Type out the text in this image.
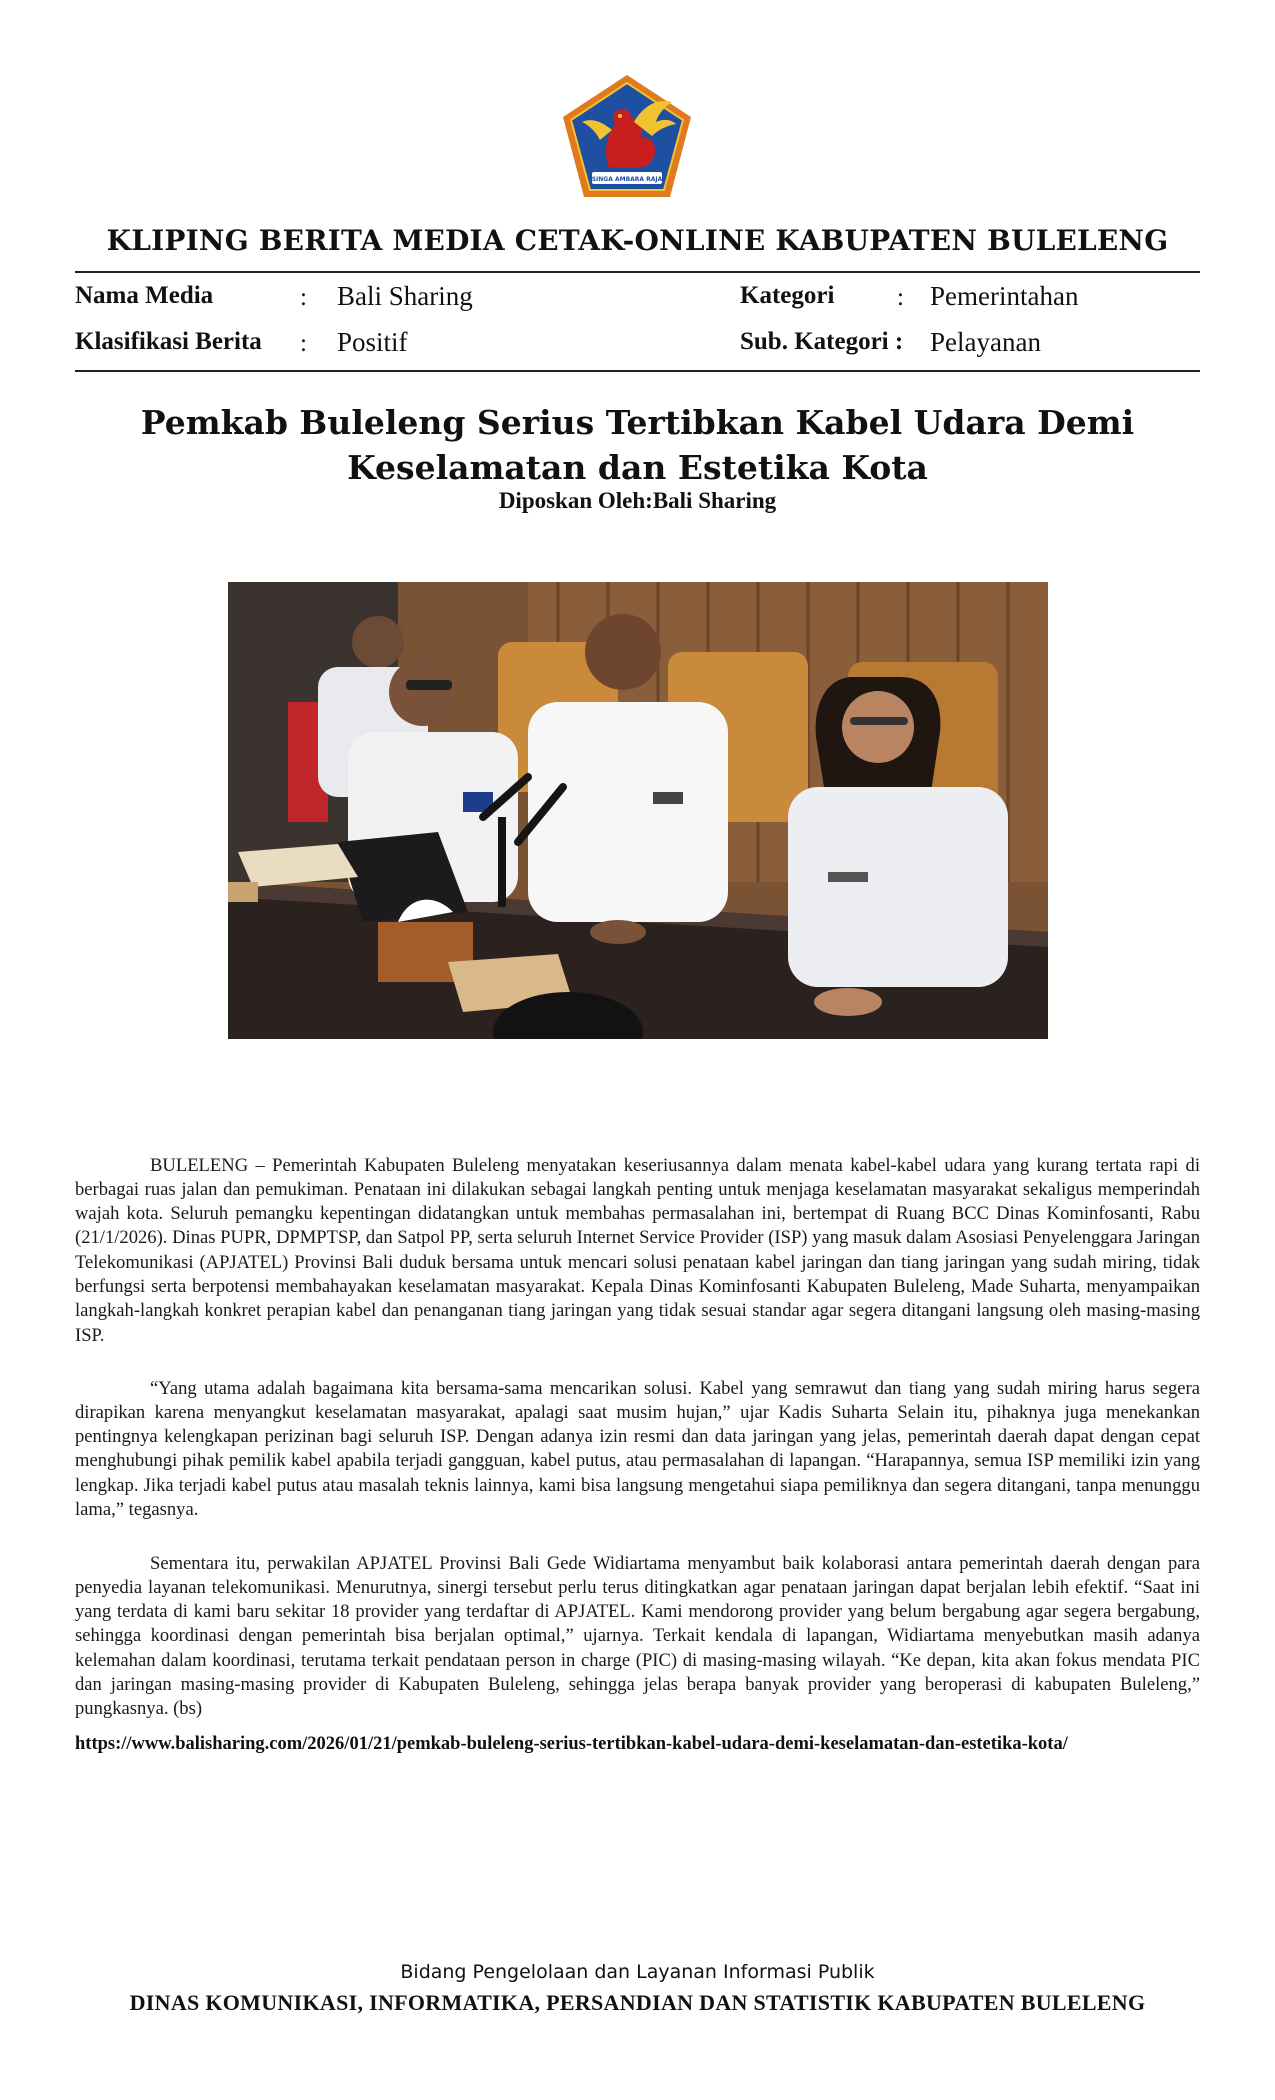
SINGA AMBARA RAJA
KLIPING BERITA MEDIA CETAK-ONLINE KABUPATEN BULELENG
Nama Media	: Bali Sharing	Kategori	: Pemerintahan
Klasifikasi Berita : Positif	Sub. Kategori : Pelayanan
Pemkab Buleleng Serius Tertibkan Kabel Udara Demi Keselamatan dan Estetika Kota
Diposkan Oleh:Bali Sharing

BULELENG – Pemerintah Kabupaten Buleleng menyatakan keseriusannya dalam menata kabel-kabel udara yang kurang tertata rapi di berbagai ruas jalan dan pemukiman. Penataan ini dilakukan sebagai langkah penting untuk menjaga keselamatan masyarakat sekaligus memperindah wajah kota. Seluruh pemangku kepentingan didatangkan untuk membahas permasalahan ini, bertempat di Ruang BCC Dinas Kominfosanti, Rabu (21/1/2026). Dinas PUPR, DPMPTSP, dan Satpol PP, serta seluruh Internet Service Provider (ISP) yang masuk dalam Asosiasi Penyelenggara Jaringan Telekomunikasi (APJATEL) Provinsi Bali duduk bersama untuk mencari solusi penataan kabel jaringan dan tiang jaringan yang sudah miring, tidak berfungsi serta berpotensi membahayakan keselamatan masyarakat. Kepala Dinas Kominfosanti Kabupaten Buleleng, Made Suharta, menyampaikan langkah-langkah konkret perapian kabel dan penanganan tiang jaringan yang tidak sesuai standar agar segera ditangani langsung oleh masing-masing ISP.

“Yang utama adalah bagaimana kita bersama-sama mencarikan solusi. Kabel yang semrawut dan tiang yang sudah miring harus segera dirapikan karena menyangkut keselamatan masyarakat, apalagi saat musim hujan,” ujar Kadis Suharta Selain itu, pihaknya juga menekankan pentingnya kelengkapan perizinan bagi seluruh ISP. Dengan adanya izin resmi dan data jaringan yang jelas, pemerintah daerah dapat dengan cepat menghubungi pihak pemilik kabel apabila terjadi gangguan, kabel putus, atau permasalahan di lapangan. “Harapannya, semua ISP memiliki izin yang lengkap. Jika terjadi kabel putus atau masalah teknis lainnya, kami bisa langsung mengetahui siapa pemiliknya dan segera ditangani, tanpa menunggu lama,” tegasnya.

Sementara itu, perwakilan APJATEL Provinsi Bali Gede Widiartama menyambut baik kolaborasi antara pemerintah daerah dengan para penyedia layanan telekomunikasi. Menurutnya, sinergi tersebut perlu terus ditingkatkan agar penataan jaringan dapat berjalan lebih efektif. “Saat ini yang terdata di kami baru sekitar 18 provider yang terdaftar di APJATEL. Kami mendorong provider yang belum bergabung agar segera bergabung, sehingga koordinasi dengan pemerintah bisa berjalan optimal,” ujarnya. Terkait kendala di lapangan, Widiartama menyebutkan masih adanya kelemahan dalam koordinasi, terutama terkait pendataan person in charge (PIC) di masing-masing wilayah. “Ke depan, kita akan fokus mendata PIC dan jaringan masing-masing provider di Kabupaten Buleleng, sehingga jelas berapa banyak provider yang beroperasi di kabupaten Buleleng,” pungkasnya. (bs)

https://www.balisharing.com/2026/01/21/pemkab-buleleng-serius-tertibkan-kabel-udara-demi-keselamatan-dan-estetika-kota/
Bidang Pengelolaan dan Layanan Informasi Publik
DINAS KOMUNIKASI, INFORMATIKA, PERSANDIAN DAN STATISTIK KABUPATEN BULELENG
